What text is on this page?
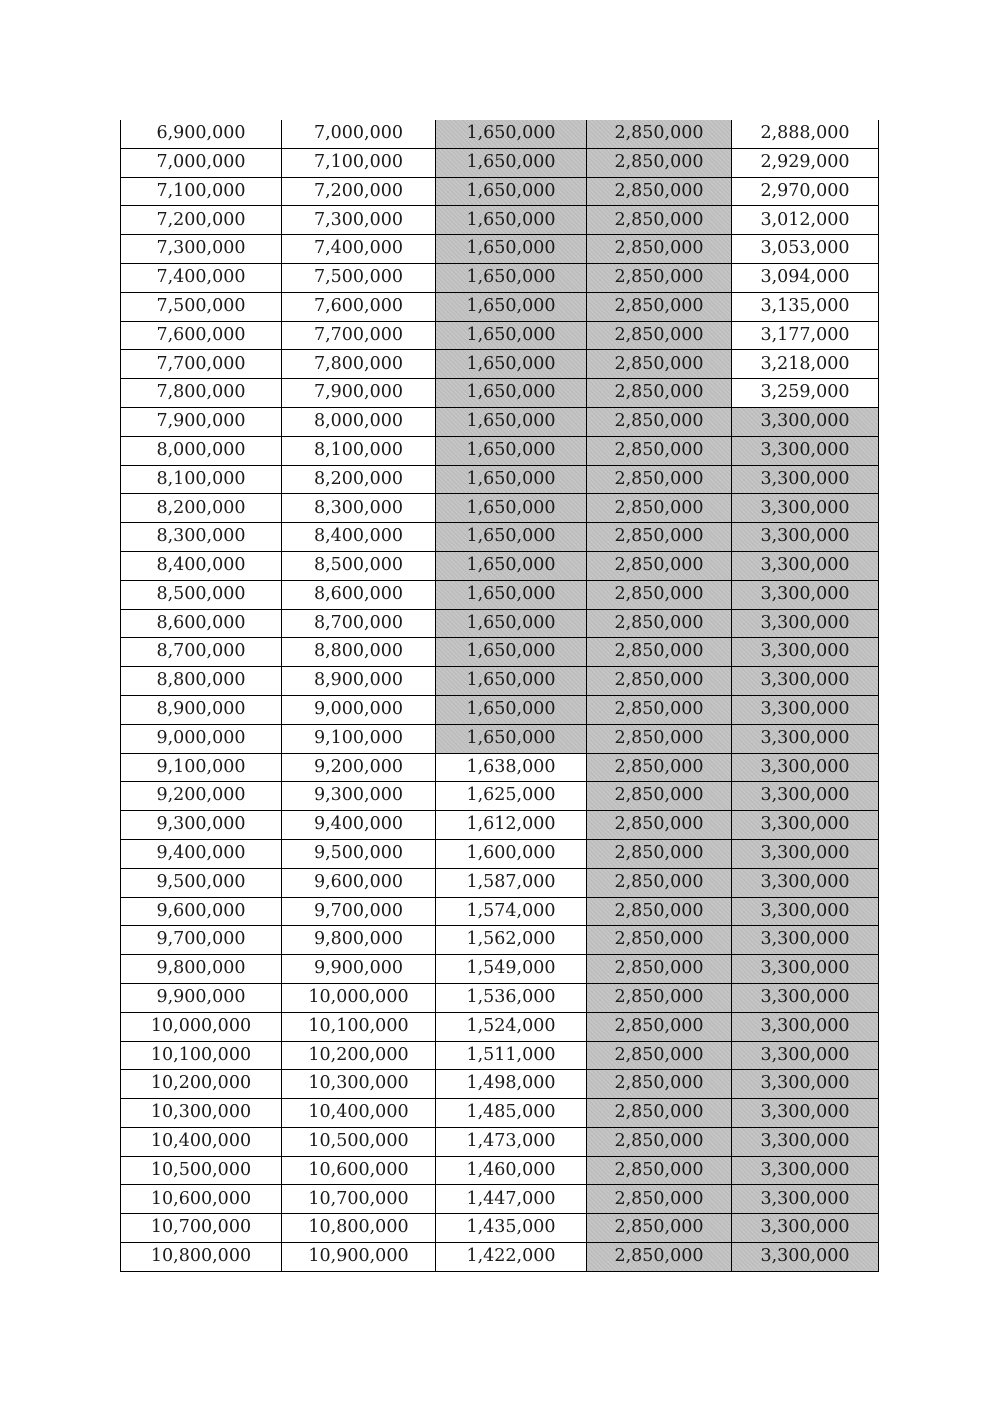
6,900,000	7,000,000	1,650,000	2,850,000	2,888,000
7,000,000	7,100,000	1,650,000	2,850,000	2,929,000
7,100,000	7,200,000	1,650,000	2,850,000	2,970,000
7,200,000	7,300,000	1,650,000	2,850,000	3,012,000
7,300,000	7,400,000	1,650,000	2,850,000	3,053,000
7,400,000	7,500,000	1,650,000	2,850,000	3,094,000
7,500,000	7,600,000	1,650,000	2,850,000	3,135,000
7,600,000	7,700,000	1,650,000	2,850,000	3,177,000
7,700,000	7,800,000	1,650,000	2,850,000	3,218,000
7,800,000	7,900,000	1,650,000	2,850,000	3,259,000
7,900,000	8,000,000	1,650,000	2,850,000	3,300,000
8,000,000	8,100,000	1,650,000	2,850,000	3,300,000
8,100,000	8,200,000	1,650,000	2,850,000	3,300,000
8,200,000	8,300,000	1,650,000	2,850,000	3,300,000
8,300,000	8,400,000	1,650,000	2,850,000	3,300,000
8,400,000	8,500,000	1,650,000	2,850,000	3,300,000
8,500,000	8,600,000	1,650,000	2,850,000	3,300,000
8,600,000	8,700,000	1,650,000	2,850,000	3,300,000
8,700,000	8,800,000	1,650,000	2,850,000	3,300,000
8,800,000	8,900,000	1,650,000	2,850,000	3,300,000
8,900,000	9,000,000	1,650,000	2,850,000	3,300,000
9,000,000	9,100,000	1,650,000	2,850,000	3,300,000
9,100,000	9,200,000	1,638,000	2,850,000	3,300,000
9,200,000	9,300,000	1,625,000	2,850,000	3,300,000
9,300,000	9,400,000	1,612,000	2,850,000	3,300,000
9,400,000	9,500,000	1,600,000	2,850,000	3,300,000
9,500,000	9,600,000	1,587,000	2,850,000	3,300,000
9,600,000	9,700,000	1,574,000	2,850,000	3,300,000
9,700,000	9,800,000	1,562,000	2,850,000	3,300,000
9,800,000	9,900,000	1,549,000	2,850,000	3,300,000
9,900,000	10,000,000	1,536,000	2,850,000	3,300,000
10,000,000	10,100,000	1,524,000	2,850,000	3,300,000
10,100,000	10,200,000	1,511,000	2,850,000	3,300,000
10,200,000	10,300,000	1,498,000	2,850,000	3,300,000
10,300,000	10,400,000	1,485,000	2,850,000	3,300,000
10,400,000	10,500,000	1,473,000	2,850,000	3,300,000
10,500,000	10,600,000	1,460,000	2,850,000	3,300,000
10,600,000	10,700,000	1,447,000	2,850,000	3,300,000
10,700,000	10,800,000	1,435,000	2,850,000	3,300,000
10,800,000	10,900,000	1,422,000	2,850,000	3,300,000
